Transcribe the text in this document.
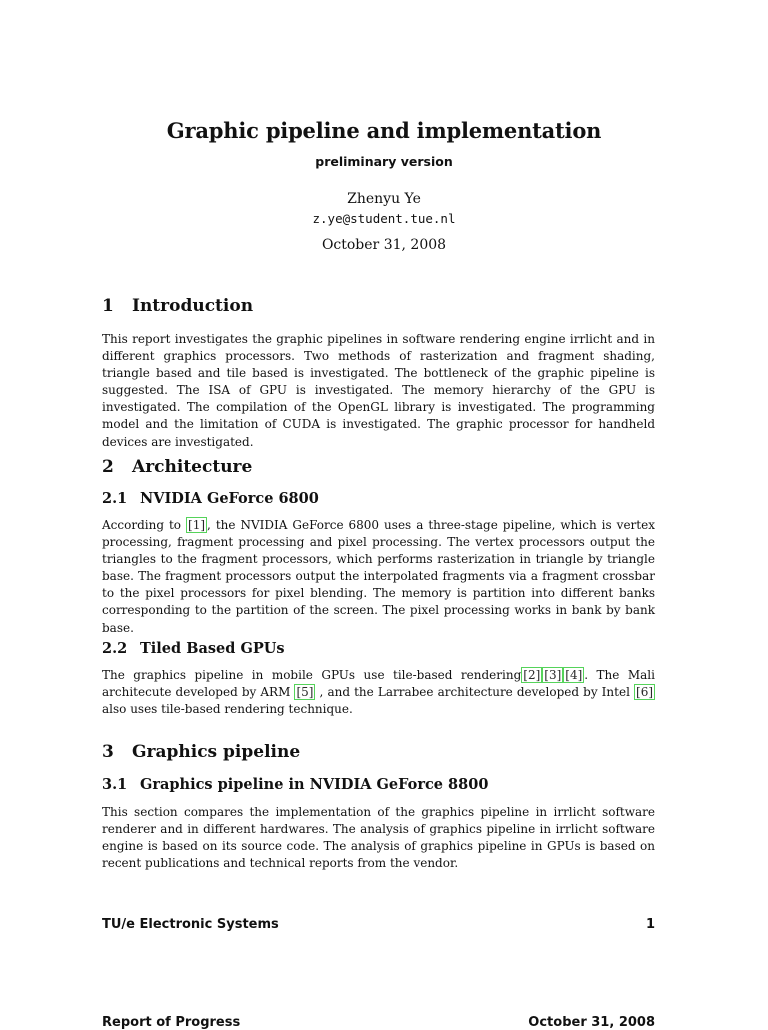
Graphic pipeline and implementation
preliminary version
Zhenyu Ye
z.ye@student.tue.nl
October 31, 2008
1 Introduction

This report investigates the graphic pipelines in software rendering engine irrlicht and in different graphics processors. Two methods of rasterization and fragment shading, triangle based and tile based is investigated. The bottleneck of the graphic pipeline is suggested. The ISA of GPU is investigated. The memory hierarchy of the GPU is investigated. The compilation of the OpenGL library is investigated. The programming model and the limitation of CUDA is investigated. The graphic processor for handheld devices are investigated.

2 Architecture
2.1 NVIDIA GeForce 6800

According to [1] , the NVIDIA GeForce 6800 uses a three-stage pipeline, which is vertex processing, fragment processing and pixel processing. The vertex processors output the triangles to the fragment processors, which performs rasterization in triangle by triangle base. The fragment processors output the interpolated fragments via a fragment crossbar to the pixel processors for pixel blending. The memory is partition into different banks corresponding to the partition of the screen. The pixel processing works in bank by bank base.

2.2 Tiled Based GPUs

The graphics pipeline in mobile GPUs use tile-based rendering [2] [3] [4] . The Mali architecute developed by ARM [5] , and the Larrabee architecture developed by Intel [6] also uses tile-based rendering technique.

3 Graphics pipeline
3.1 Graphics pipeline in NVIDIA GeForce 8800

This section compares the implementation of the graphics pipeline in irrlicht software renderer and in different hardwares. The analysis of graphics pipeline in irrlicht software engine is based on its source code. The analysis of graphics pipeline in GPUs is based on recent publications and technical reports from the vendor.

TU/e Electronic Systems	1
Report of Progress	October 31, 2008
